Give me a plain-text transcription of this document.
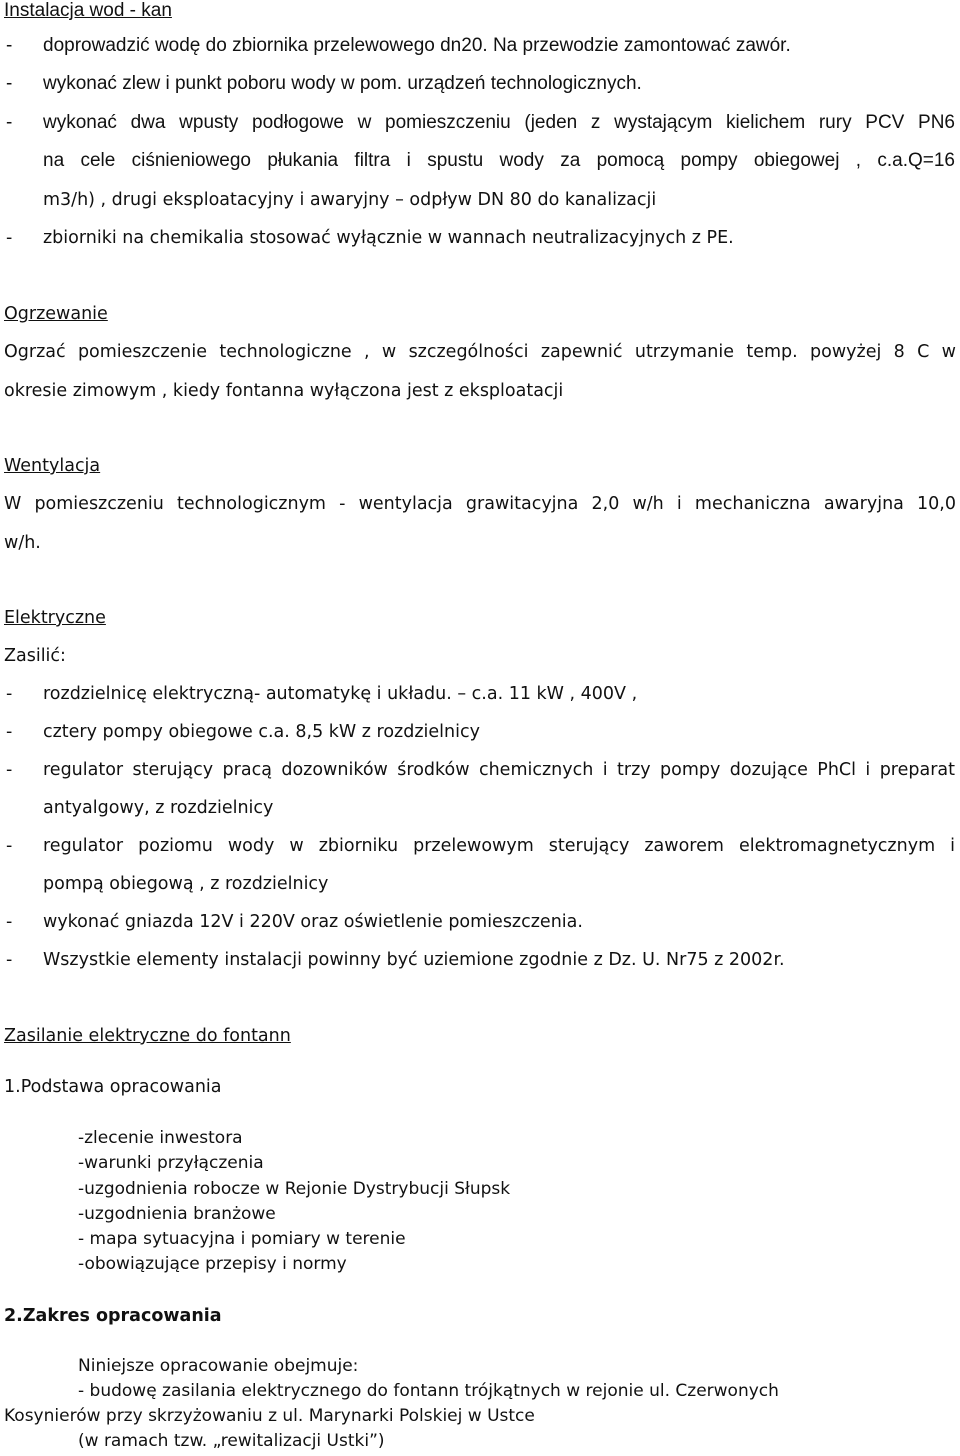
Instalacja wod - kan
- doprowadzić wodę do zbiornika przelewowego dn20. Na przewodzie zamontować zawór.
- wykonać zlew i punkt poboru wody w pom. urządzeń technologicznych.
- wykonać dwa wpusty podłogowe w pomieszczeniu (jeden z wystającym kielichem rury PCV PN6
na cele ciśnieniowego płukania filtra i spustu wody za pomocą pompy obiegowej , c.a.Q=16
m3/h) , drugi eksploatacyjny i awaryjny – odpływ DN 80 do kanalizacji
- zbiorniki na chemikalia stosować wyłącznie w wannach neutralizacyjnych z PE.
Ogrzewanie
Ogrzać pomieszczenie technologiczne , w szczególności zapewnić utrzymanie temp. powyżej 8 C w
okresie zimowym , kiedy fontanna wyłączona jest z eksploatacji
Wentylacja
W pomieszczeniu technologicznym - wentylacja grawitacyjna 2,0 w/h i mechaniczna awaryjna 10,0
w/h.
Elektryczne
Zasilić:
- rozdzielnicę elektryczną- automatykę i układu. – c.a. 11 kW , 400V ,
- cztery pompy obiegowe c.a. 8,5 kW z rozdzielnicy
- regulator sterujący pracą dozowników środków chemicznych i trzy pompy dozujące PhCl i preparat
antyalgowy, z rozdzielnicy
- regulator poziomu wody w zbiorniku przelewowym sterujący zaworem elektromagnetycznym i
pompą obiegową , z rozdzielnicy
- wykonać gniazda 12V i 220V oraz oświetlenie pomieszczenia.
- Wszystkie elementy instalacji powinny być uziemione zgodnie z Dz. U. Nr75 z 2002r.
Zasilanie elektryczne do fontann
1.Podstawa opracowania
-zlecenie inwestora
-warunki przyłączenia
-uzgodnienia robocze w Rejonie Dystrybucji Słupsk
-uzgodnienia branżowe
- mapa sytuacyjna i pomiary w terenie
-obowiązujące przepisy i normy
2.Zakres opracowania
Niniejsze opracowanie obejmuje:
- budowę zasilania elektrycznego do fontann trójkątnych w rejonie ul. Czerwonych
Kosynierów przy skrzyżowaniu z ul. Marynarki Polskiej w Ustce
(w ramach tzw. „rewitalizacji Ustki”)
